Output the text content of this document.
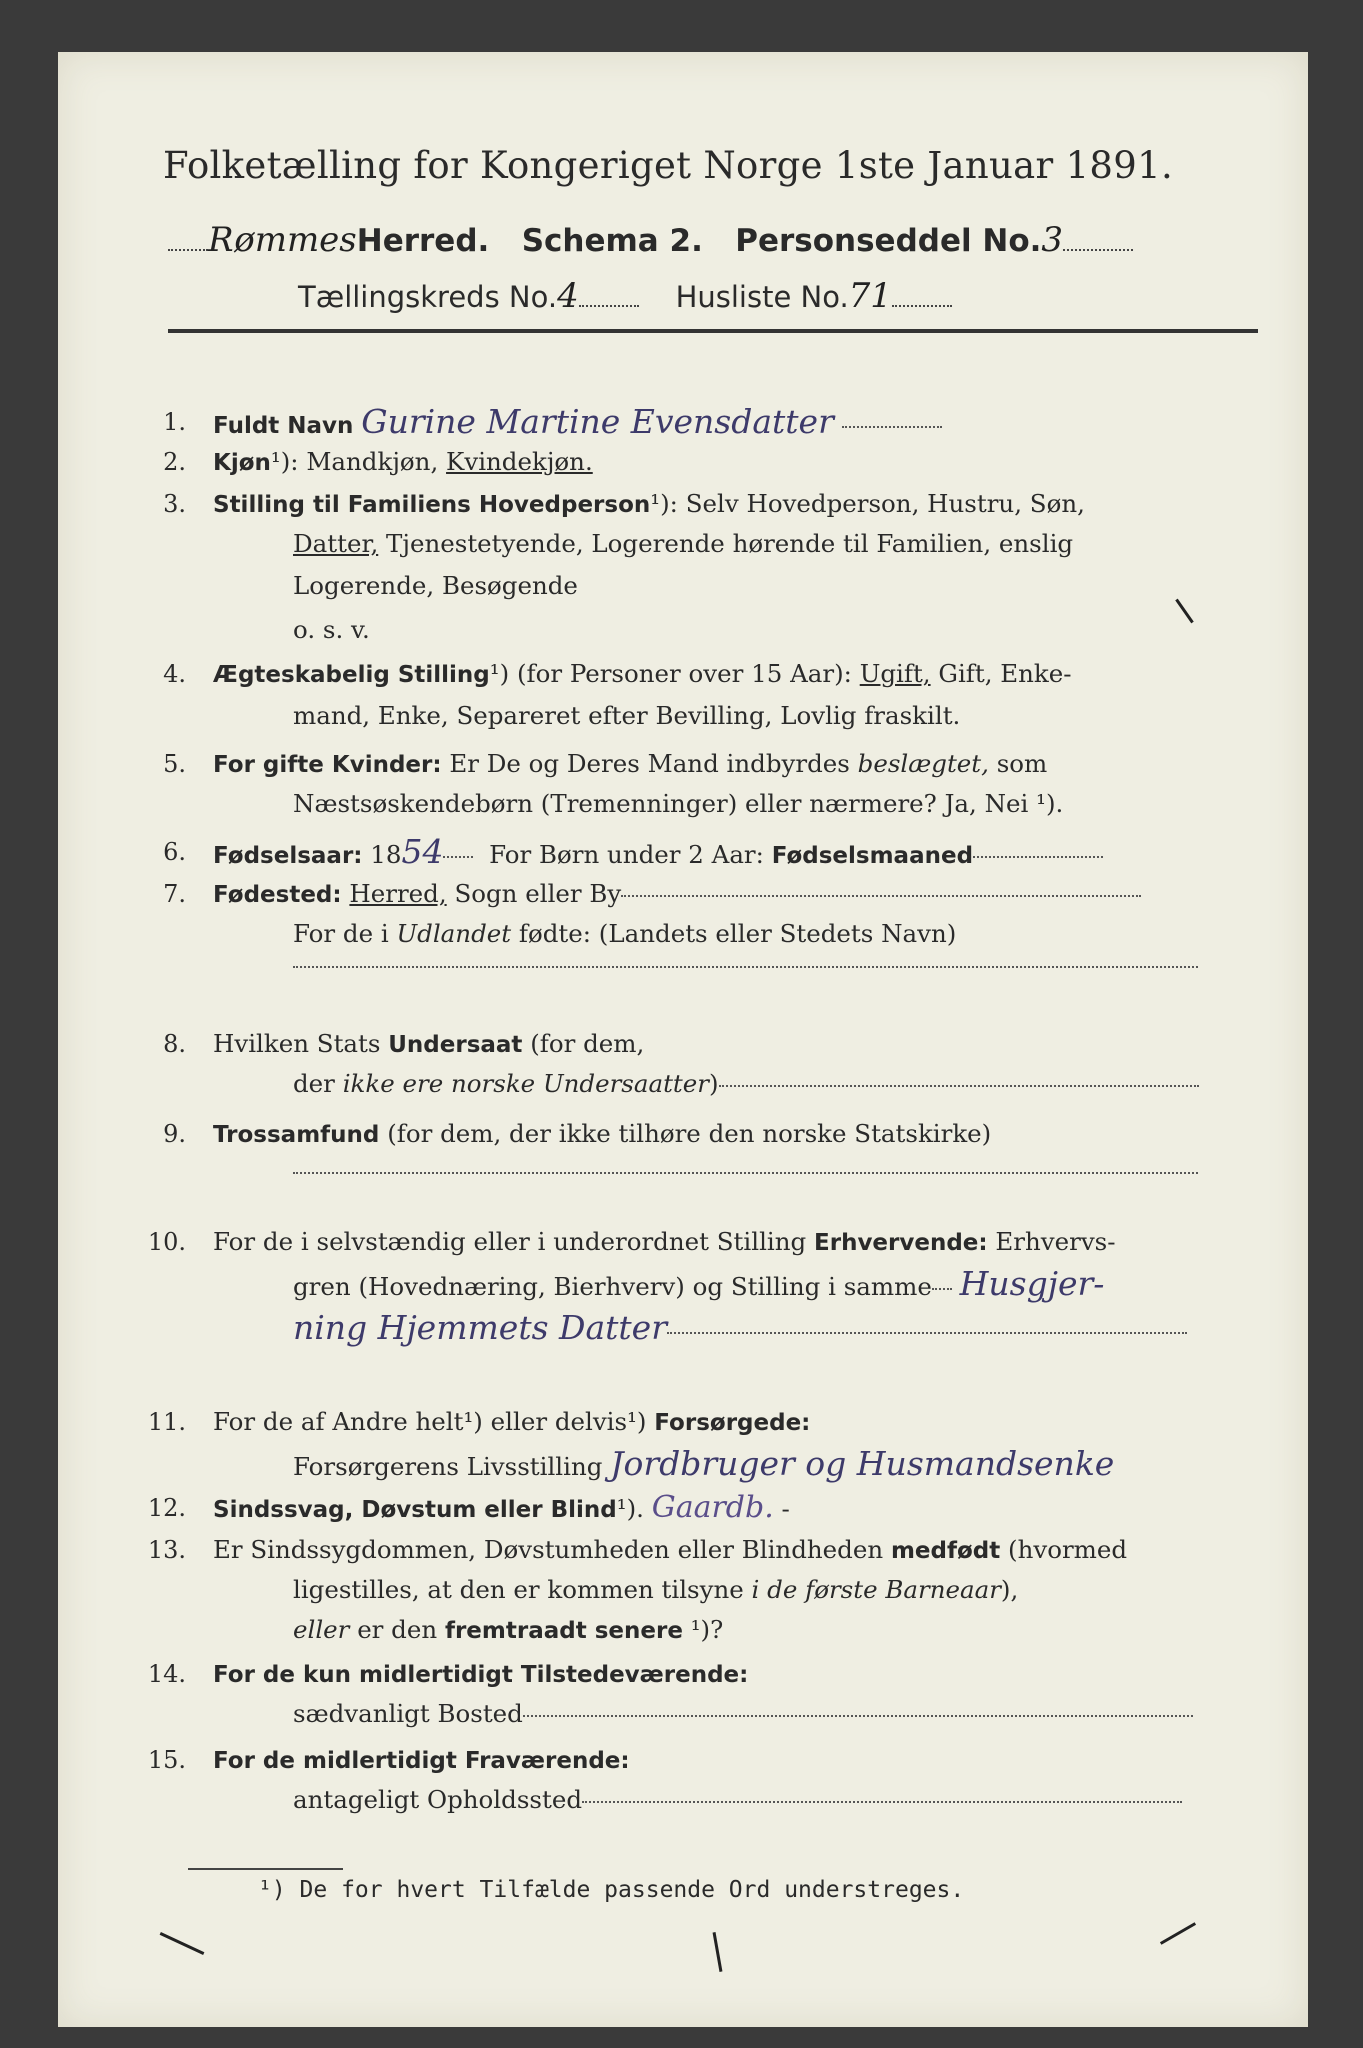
Folketælling for Kongeriget Norge 1ste Januar 1891.
RømmesHerred. Schema 2. Personseddel No.3
Tællingskreds No.4	Husliste No.71
1. Fuldt Navn Gurine Martine Evensdatter
2. Kjøn¹): Mandkjøn, Kvindekjøn.
3. Stilling til Familiens Hovedperson¹): Selv Hovedperson, Hustru, Søn,
Datter, Tjenestetyende, Logerende hørende til Familien, enslig
Logerende, Besøgende
o. s. v.
4. Ægteskabelig Stilling¹) (for Personer over 15 Aar): Ugift, Gift, Enke-
mand, Enke, Separeret efter Bevilling, Lovlig fraskilt.
5. For gifte Kvinder: Er De og Deres Mand indbyrdes beslægtet, som
Næstsøskendebørn (Tremenninger) eller nærmere? Ja, Nei ¹).
6. Fødselsaar: 1854 For Børn under 2 Aar: Fødselsmaaned
7. Fødested: Herred, Sogn eller By
For de i Udlandet fødte: (Landets eller Stedets Navn)
8. Hvilken Stats Undersaat (for dem,
der ikke ere norske Undersaatter)
9. Trossamfund (for dem, der ikke tilhøre den norske Statskirke)
10. For de i selvstændig eller i underordnet Stilling Erhvervende: Erhvervs-
gren (Hovednæring, Bierhverv) og Stilling i samme Husgjer-
ning Hjemmets Datter
11. For de af Andre helt¹) eller delvis¹) Forsørgede:
Forsørgerens Livsstilling Jordbruger og Husmandsenke
12. Sindssvag, Døvstum eller Blind¹). Gaardb. -
13. Er Sindssygdommen, Døvstumheden eller Blindheden medfødt (hvormed
ligestilles, at den er kommen tilsyne i de første Barneaar),
eller er den fremtraadt senere ¹)?
14. For de kun midlertidigt Tilstedeværende:
sædvanligt Bosted
15. For de midlertidigt Fraværende:
antageligt Opholdssted
¹) De for hvert Tilfælde passende Ord understreges.
